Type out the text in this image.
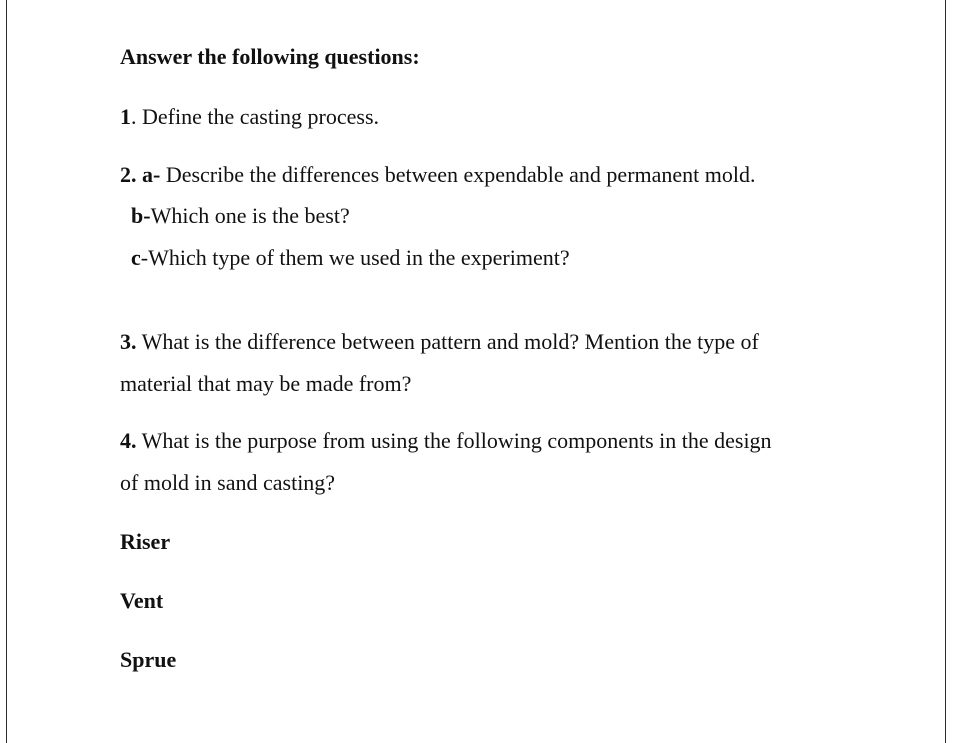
Answer the following questions:
1. Define the casting process.
2. a- Describe the differences between expendable and permanent mold.
b-Which one is the best?
c-Which type of them we used in the experiment?
3. What is the difference between pattern and mold? Mention the type of
material that may be made from?
4. What is the purpose from using the following components in the design
of mold in sand casting?
Riser
Vent
Sprue
